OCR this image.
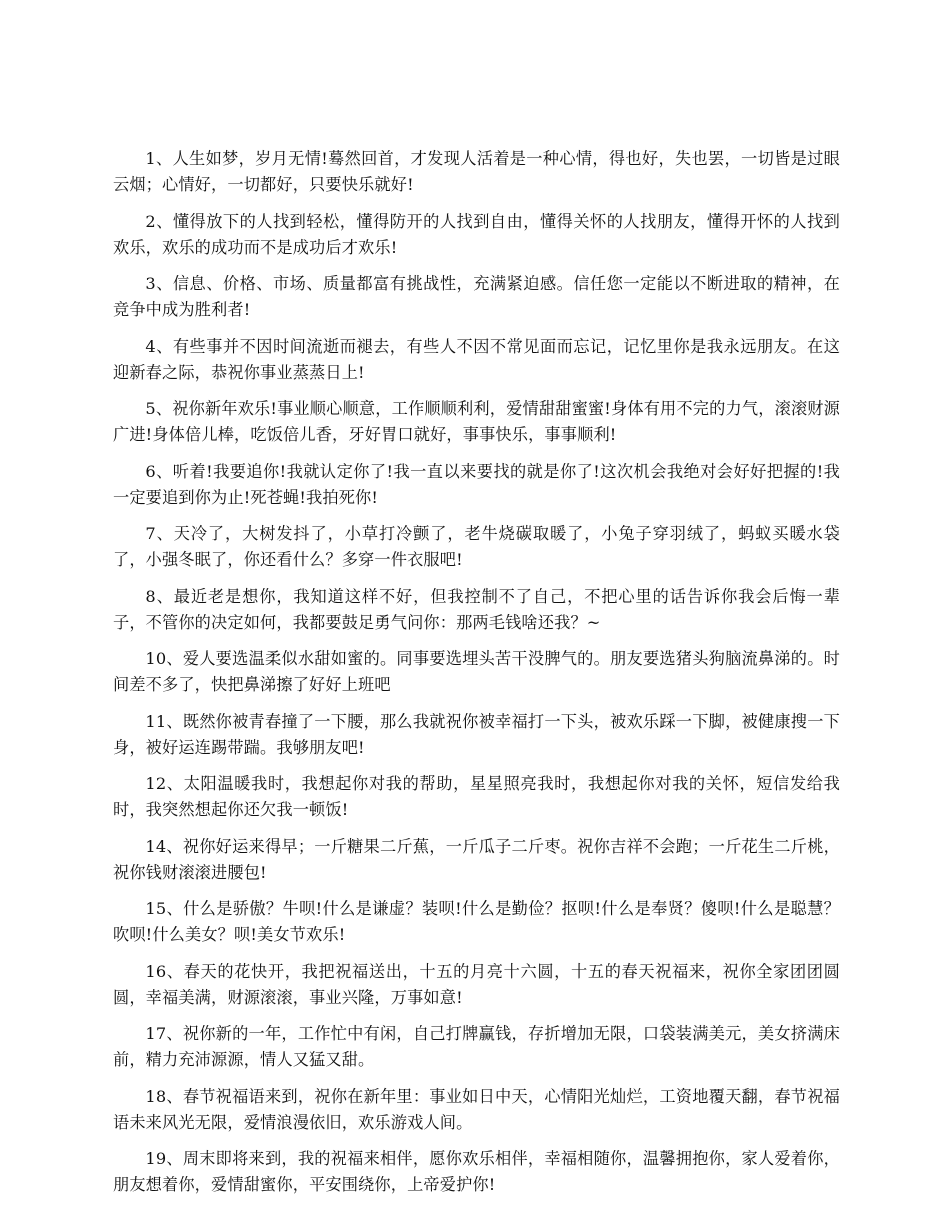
1、人生如梦，岁月无情!蓦然回首，才发现人活着是一种心情，得也好，失也罢，一切皆是过眼云烟；心情好，一切都好，只要快乐就好!

2、懂得放下的人找到轻松，懂得防开的人找到自由，懂得关怀的人找朋友，懂得开怀的人找到欢乐，欢乐的成功而不是成功后才欢乐!

3、信息、价格、市场、质量都富有挑战性，充满紧迫感。信任您一定能以不断进取的精神，在竞争中成为胜利者!

4、有些事并不因时间流逝而褪去，有些人不因不常见面而忘记，记忆里你是我永远朋友。在这迎新春之际，恭祝你事业蒸蒸日上!

5、祝你新年欢乐!事业顺心顺意，工作顺顺利利，爱情甜甜蜜蜜!身体有用不完的力气，滚滚财源广进!身体倍儿棒，吃饭倍儿香，牙好胃口就好，事事快乐，事事顺利!

6、听着!我要追你!我就认定你了!我一直以来要找的就是你了!这次机会我绝对会好好把握的!我一定要追到你为止!死苍蝇!我拍死你!

7、天冷了，大树发抖了，小草打冷颤了，老牛烧碳取暖了，小兔子穿羽绒了，蚂蚁买暖水袋了，小强冬眠了，你还看什么？多穿一件衣服吧!

8、最近老是想你，我知道这样不好，但我控制不了自己，不把心里的话告诉你我会后悔一辈子，不管你的决定如何，我都要鼓足勇气问你：那两毛钱啥还我？~

10、爱人要选温柔似水甜如蜜的。同事要选埋头苦干没脾气的。朋友要选猪头狗脑流鼻涕的。时间差不多了，快把鼻涕擦了好好上班吧

11、既然你被青春撞了一下腰，那么我就祝你被幸福打一下头，被欢乐踩一下脚，被健康搜一下身，被好运连踢带踹。我够朋友吧!

12、太阳温暖我时，我想起你对我的帮助，星星照亮我时，我想起你对我的关怀，短信发给我时，我突然想起你还欠我一顿饭!

14、祝你好运来得早；一斤糖果二斤蕉，一斤瓜子二斤枣。祝你吉祥不会跑；一斤花生二斤桃，祝你钱财滚滚进腰包!

15、什么是骄傲？牛呗!什么是谦虚？装呗!什么是勤俭？抠呗!什么是奉贤？傻呗!什么是聪慧？吹呗!什么美女？呗!美女节欢乐!

16、春天的花快开，我把祝福送出，十五的月亮十六圆，十五的春天祝福来，祝你全家团团圆圆，幸福美满，财源滚滚，事业兴隆，万事如意!

17、祝你新的一年，工作忙中有闲，自己打牌赢钱，存折增加无限，口袋装满美元，美女挤满床前，精力充沛源源，情人又猛又甜。

18、春节祝福语来到，祝你在新年里：事业如日中天，心情阳光灿烂，工资地覆天翻，春节祝福语未来风光无限，爱情浪漫依旧，欢乐游戏人间。

19、周末即将来到，我的祝福来相伴，愿你欢乐相伴，幸福相随你，温馨拥抱你，家人爱着你，朋友想着你，爱情甜蜜你，平安围绕你，上帝爱护你!
